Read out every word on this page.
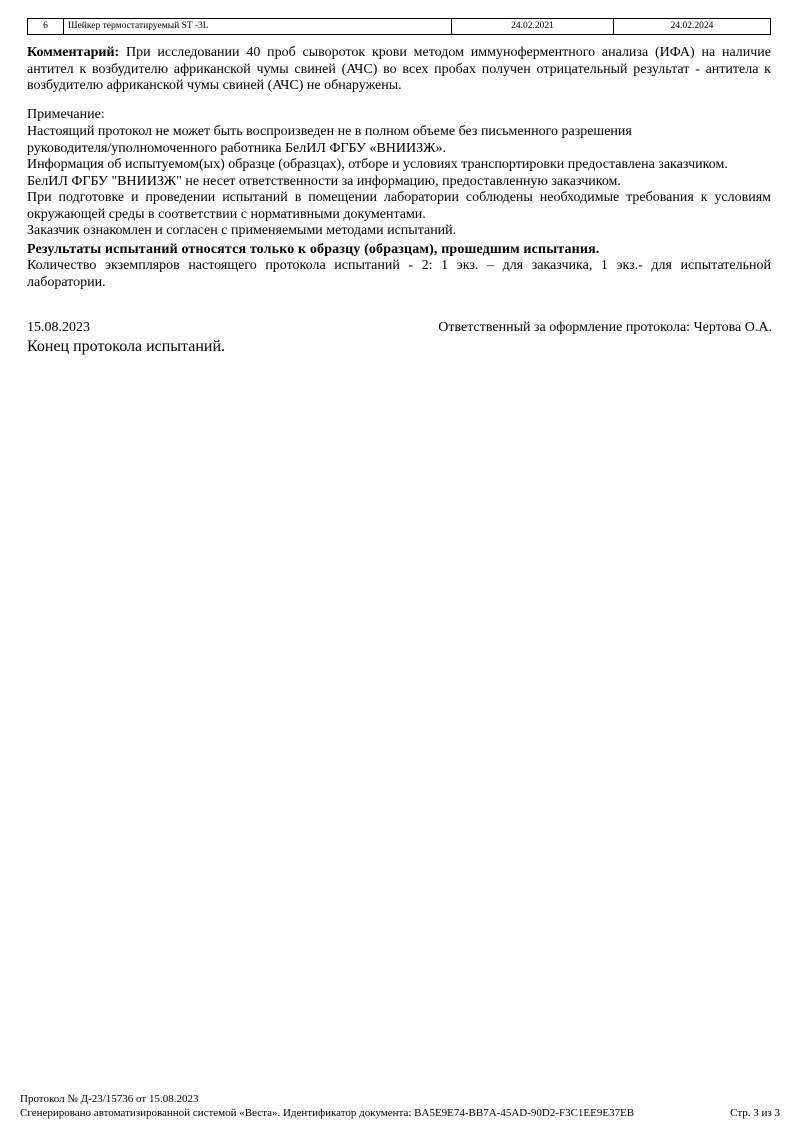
6	Шейкер термостатируемый ST -3L	24.02.2021	24.02.2024
Комментарий: При исследовании 40 проб сывороток крови методом иммуноферментного анализа (ИФА) на наличие антител к возбудителю африканской чумы свиней (АЧС) во всех пробах получен отрицательный результат - антитела к возбудителю африканской чумы свиней (АЧС) не обнаружены.
Примечание:
Настоящий протокол не может быть воспроизведен не в полном объеме без письменного разрешения
руководителя/уполномоченного работника БелИЛ ФГБУ «ВНИИЗЖ».
Информация об испытуемом(ых) образце (образцах), отборе и условиях транспортировки предоставлена заказчиком.
БелИЛ ФГБУ "ВНИИЗЖ" не несет ответственности за информацию, предоставленную заказчиком.
При подготовке и проведении испытаний в помещении лаборатории соблюдены необходимые требования к условиям окружающей среды в соответствии с нормативными документами.
Заказчик ознакомлен и согласен с применяемыми методами испытаний.
Результаты испытаний относятся только к образцу (образцам), прошедшим испытания.
Количество экземпляров настоящего протокола испытаний - 2: 1 экз. – для заказчика, 1 экз.- для испытательной лаборатории.
15.08.2023	Ответственный за оформление протокола: Чертова О.А.
Конец протокола испытаний.
Протокол № Д-23/15736 от 15.08.2023
Сгенерировано автоматизированной системой «Веста». Идентификатор документа: BA5E9E74-BB7A-45AD-90D2-F3C1EE9E37EB	Стр. 3 из 3
